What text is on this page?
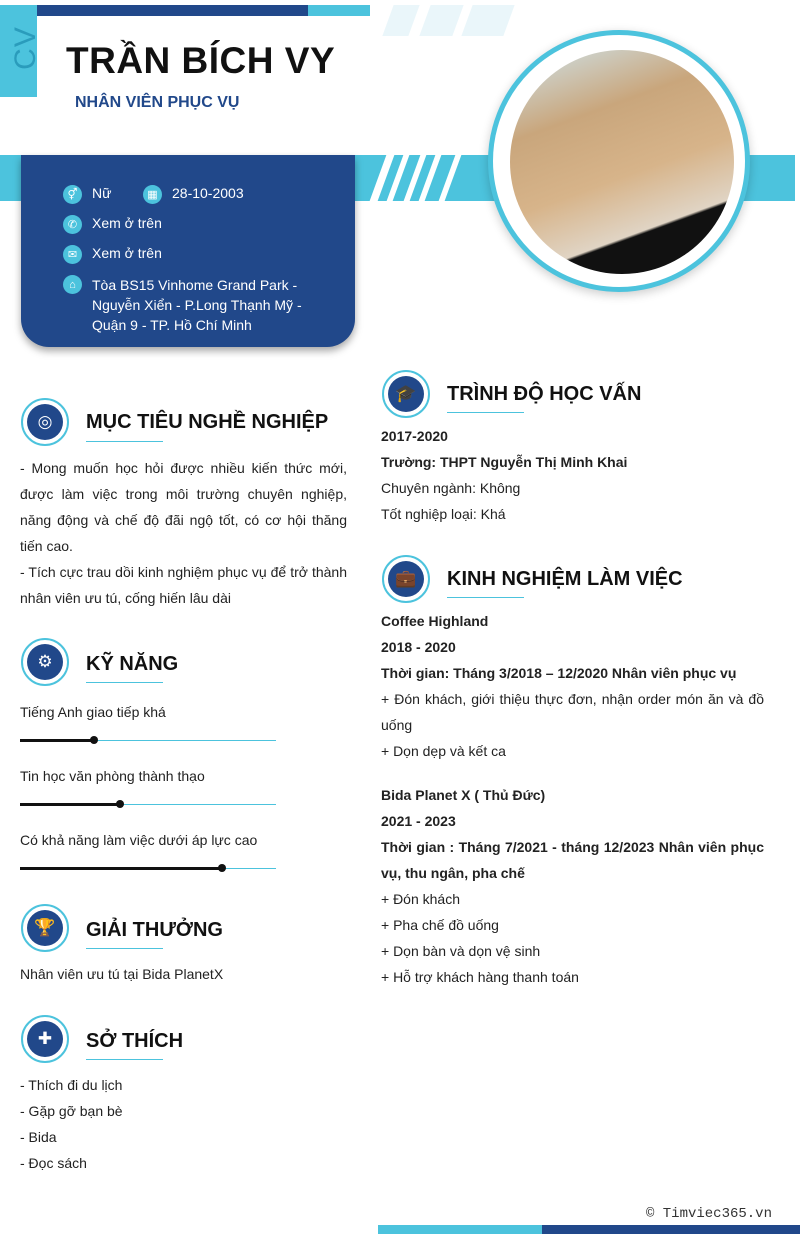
CV TRẦN BÍCH VY
NHÂN VIÊN PHỤC VỤ
⚥	Nữ	▦	28-10-2003
✆	Xem ở trên
✉	Xem ở trên
⌂	Tòa BS15 Vinhome Grand Park - Nguyễn Xiển - P.Long Thạnh Mỹ - Quận 9 - TP. Hồ Chí Minh
◎	MỤC TIÊU NGHỀ NGHIỆP
- Mong muốn học hỏi được nhiều kiến thức mới, được làm việc trong môi trường chuyên nghiệp, năng động và chế độ đãi ngộ tốt, có cơ hội thăng tiến cao.
- Tích cực trau dồi kinh nghiệm phục vụ để trở thành nhân viên ưu tú, cống hiến lâu dài
⚙	KỸ NĂNG
Tiếng Anh giao tiếp khá
Tin học văn phòng thành thạo
Có khả năng làm việc dưới áp lực cao
🏆	GIẢI THƯỞNG
Nhân viên ưu tú tại Bida PlanetX
✚	SỞ THÍCH
- Thích đi du lịch
- Gặp gỡ bạn bè
- Bida
- Đọc sách
🎓	TRÌNH ĐỘ HỌC VẤN
2017-2020
Trường: THPT Nguyễn Thị Minh Khai
Chuyên ngành: Không
Tốt nghiệp loại: Khá
💼	KINH NGHIỆM LÀM VIỆC
Coffee Highland
2018 - 2020
Thời gian: Tháng 3/2018 – 12/2020 Nhân viên phục vụ
+ Đón khách, giới thiệu thực đơn, nhận order món ăn và đồ uống
+ Dọn dẹp và kết ca
Bida Planet X ( Thủ Đức)
2021 - 2023
Thời gian : Tháng 7/2021 - tháng 12/2023 Nhân viên phục vụ, thu ngân, pha chế
+ Đón khách
+ Pha chế đồ uống
+ Dọn bàn và dọn vệ sinh
+ Hỗ trợ khách hàng thanh toán
© Timviec365.vn
